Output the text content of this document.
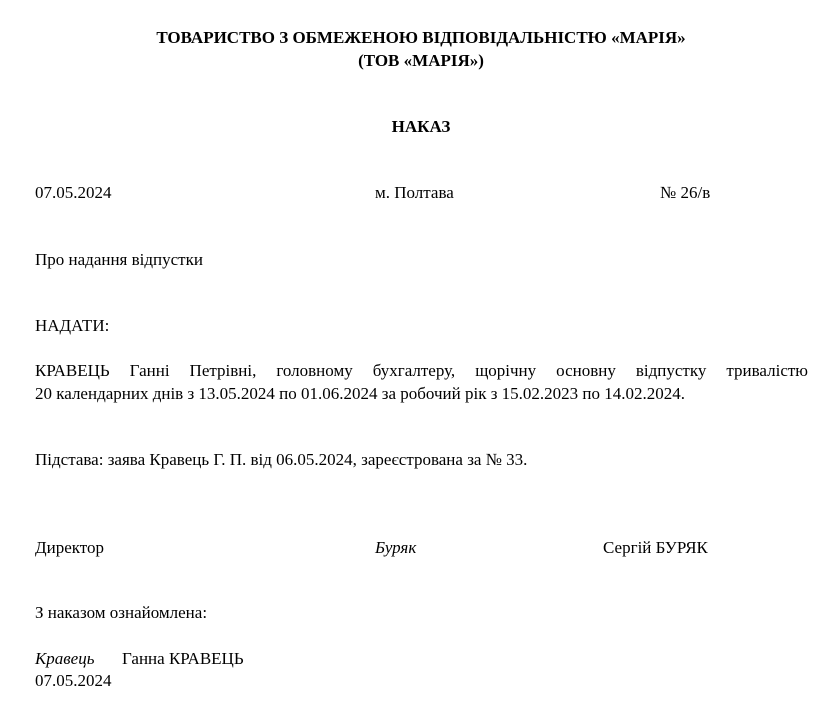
ТОВАРИСТВО З ОБМЕЖЕНОЮ ВІДПОВІДАЛЬНІСТЮ «МАРІЯ»
(ТОВ «МАРІЯ»)
НАКАЗ
07.05.2024	м. Полтава	№ 26/в
Про надання відпустки
НАДАТИ:
КРАВЕЦЬ Ганні Петрівні, головному бухгалтеру, щорічну основну відпустку тривалістю
20 календарних днів з 13.05.2024 по 01.06.2024 за робочий рік з 15.02.2023 по 14.02.2024.
Підстава: заява Кравець Г. П. від 06.05.2024, зареєстрована за № 33.
Директор	Буряк	Сергій БУРЯК
З наказом ознайомлена:
Кравець Ганна КРАВЕЦЬ
07.05.2024
